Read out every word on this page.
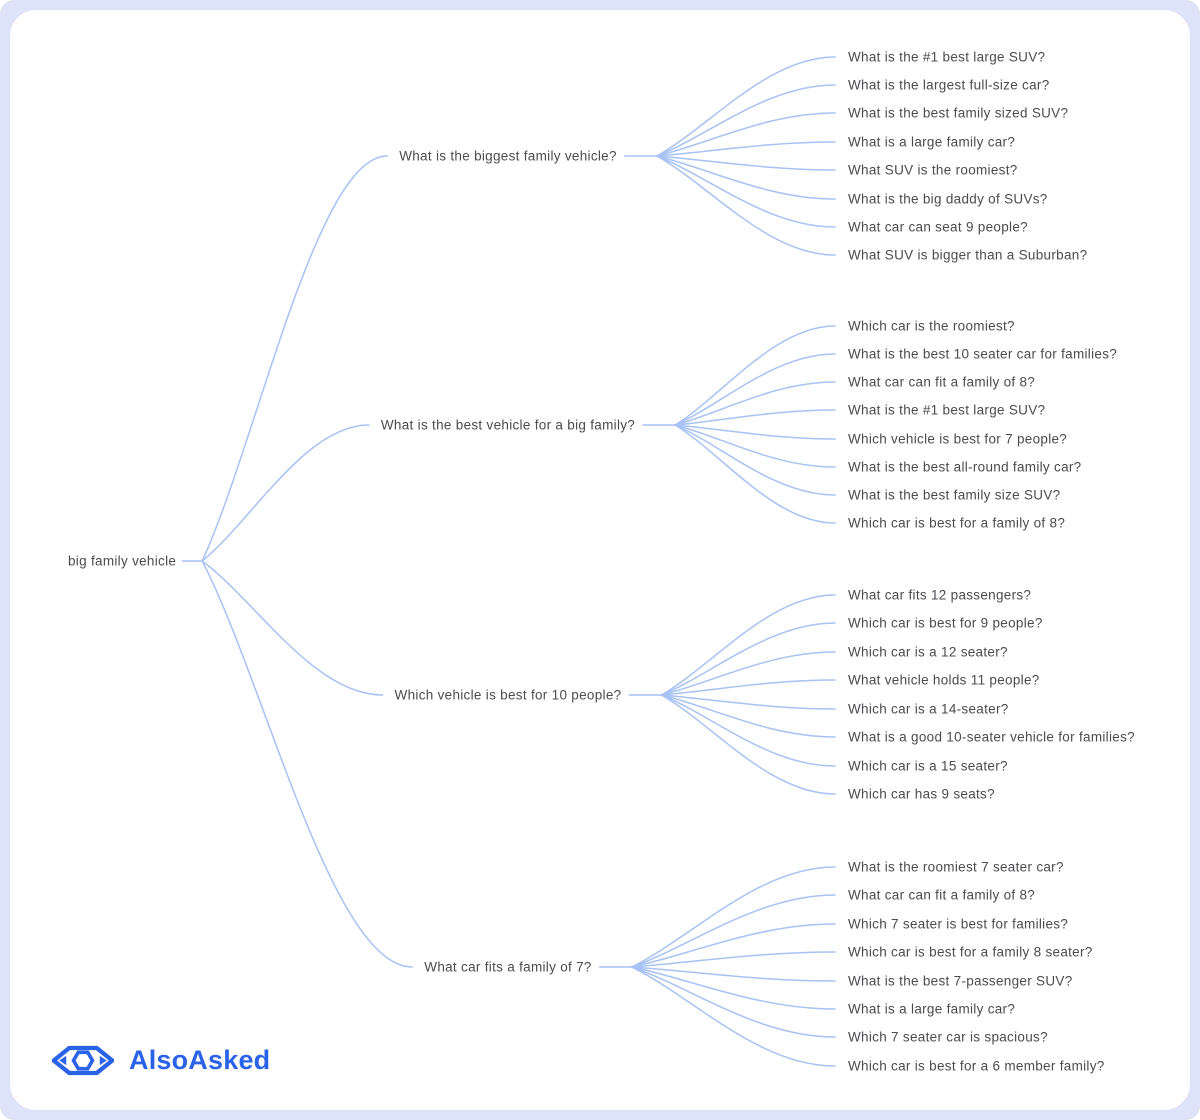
big family vehicle
What is the biggest family vehicle?
What is the best vehicle for a big family?
Which vehicle is best for 10 people?
What car fits a family of 7?
What is the #1 best large SUV?
What is the largest full-size car?
What is the best family sized SUV?
What is a large family car?
What SUV is the roomiest?
What is the big daddy of SUVs?
What car can seat 9 people?
What SUV is bigger than a Suburban?
Which car is the roomiest?
What is the best 10 seater car for families?
What car can fit a family of 8?
What is the #1 best large SUV?
Which vehicle is best for 7 people?
What is the best all-round family car?
What is the best family size SUV?
Which car is best for a family of 8?
What car fits 12 passengers?
Which car is best for 9 people?
Which car is a 12 seater?
What vehicle holds 11 people?
Which car is a 14-seater?
What is a good 10-seater vehicle for families?
Which car is a 15 seater?
Which car has 9 seats?
What is the roomiest 7 seater car?
What car can fit a family of 8?
Which 7 seater is best for families?
Which car is best for a family 8 seater?
What is the best 7-passenger SUV?
What is a large family car?
Which 7 seater car is spacious?
Which car is best for a 6 member family?
AlsoAsked
